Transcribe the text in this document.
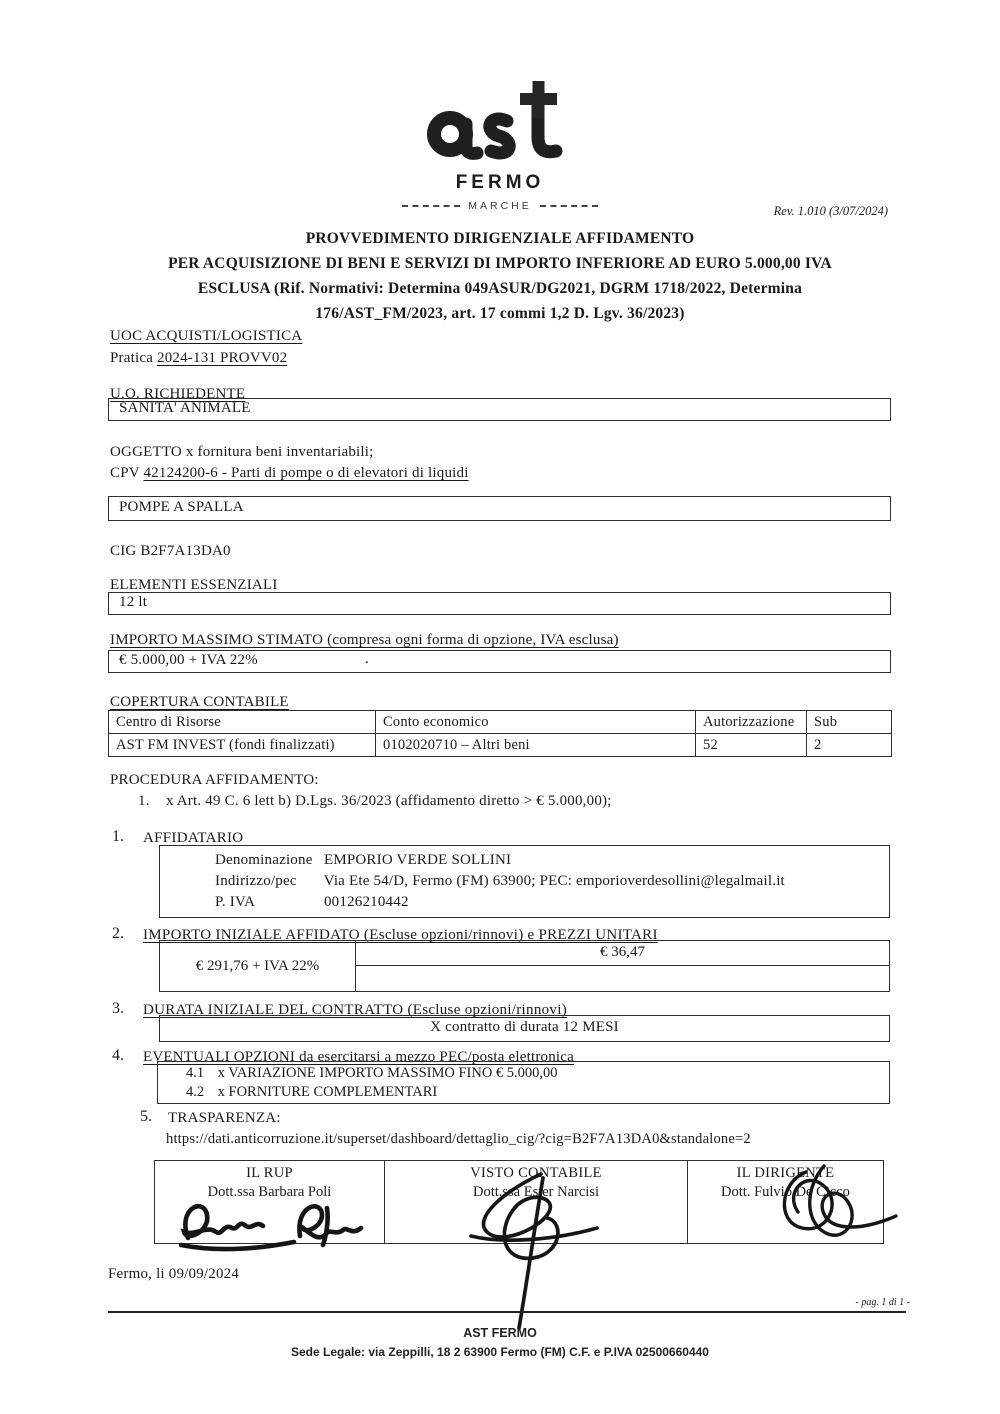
FERMO
MARCHE	Rev. 1.010 (3/07/2024)
PROVVEDIMENTO DIRIGENZIALE AFFIDAMENTO
PER ACQUISIZIONE DI BENI E SERVIZI DI IMPORTO INFERIORE AD EURO 5.000,00 IVA
ESCLUSA (Rif. Normativi: Determina 049ASUR/DG2021, DGRM 1718/2022, Determina
176/AST_FM/2023, art. 17 commi 1,2 D. Lgv. 36/2023)
UOC ACQUISTI/LOGISTICA
Pratica 2024-131 PROVV02
U.O. RICHIEDENTE
SANITA' ANIMALE
OGGETTO x fornitura beni inventariabili;
CPV 42124200-6 - Parti di pompe o di elevatori di liquidi
POMPE A SPALLA
CIG B2F7A13DA0
ELEMENTI ESSENZIALI
12 lt
IMPORTO MASSIMO STIMATO (compresa ogni forma di opzione, IVA esclusa)
€ 5.000,00 + IVA 22%	.
COPERTURA CONTABILE
Centro di Risorse	Conto economico	Autorizzazione	Sub
AST FM INVEST (fondi finalizzati)	0102020710 – Altri beni	52	2
PROCEDURA AFFIDAMENTO:
1. x Art. 49 C. 6 lett b) D.Lgs. 36/2023 (affidamento diretto > € 5.000,00);
1. AFFIDATARIO
Denominazione EMPORIO VERDE SOLLINI
Indirizzo/pec Via Ete 54/D, Fermo (FM) 63900; PEC: emporioverdesollini@legalmail.it
P. IVA	00126210442
2. IMPORTO INIZIALE AFFIDATO (Escluse opzioni/rinnovi) e PREZZI UNITARI
€ 291,76 + IVA 22%
€ 36,47
3. DURATA INIZIALE DEL CONTRATTO (Escluse opzioni/rinnovi)
X contratto di durata 12 MESI
4. EVENTUALI OPZIONI da esercitarsi a mezzo PEC/posta elettronica
4.1 x VARIAZIONE IMPORTO MASSIMO FINO € 5.000,00
4.2 x FORNITURE COMPLEMENTARI
5. TRASPARENZA:
https://dati.anticorruzione.it/superset/dashboard/dettaglio_cig/?cig=B2F7A13DA0&standalone=2
IL RUP
Dott.ssa Barbara Poli
VISTO CONTABILE
Dott.ssa Ester Narcisi
IL DIRIGENTE
Dott. Fulvio De Cicco
Fermo, li 09/09/2024
- pag. 1 di 1 -
AST FERMO
Sede Legale: via Zeppilli, 18 2 63900 Fermo (FM) C.F. e P.IVA 02500660440
